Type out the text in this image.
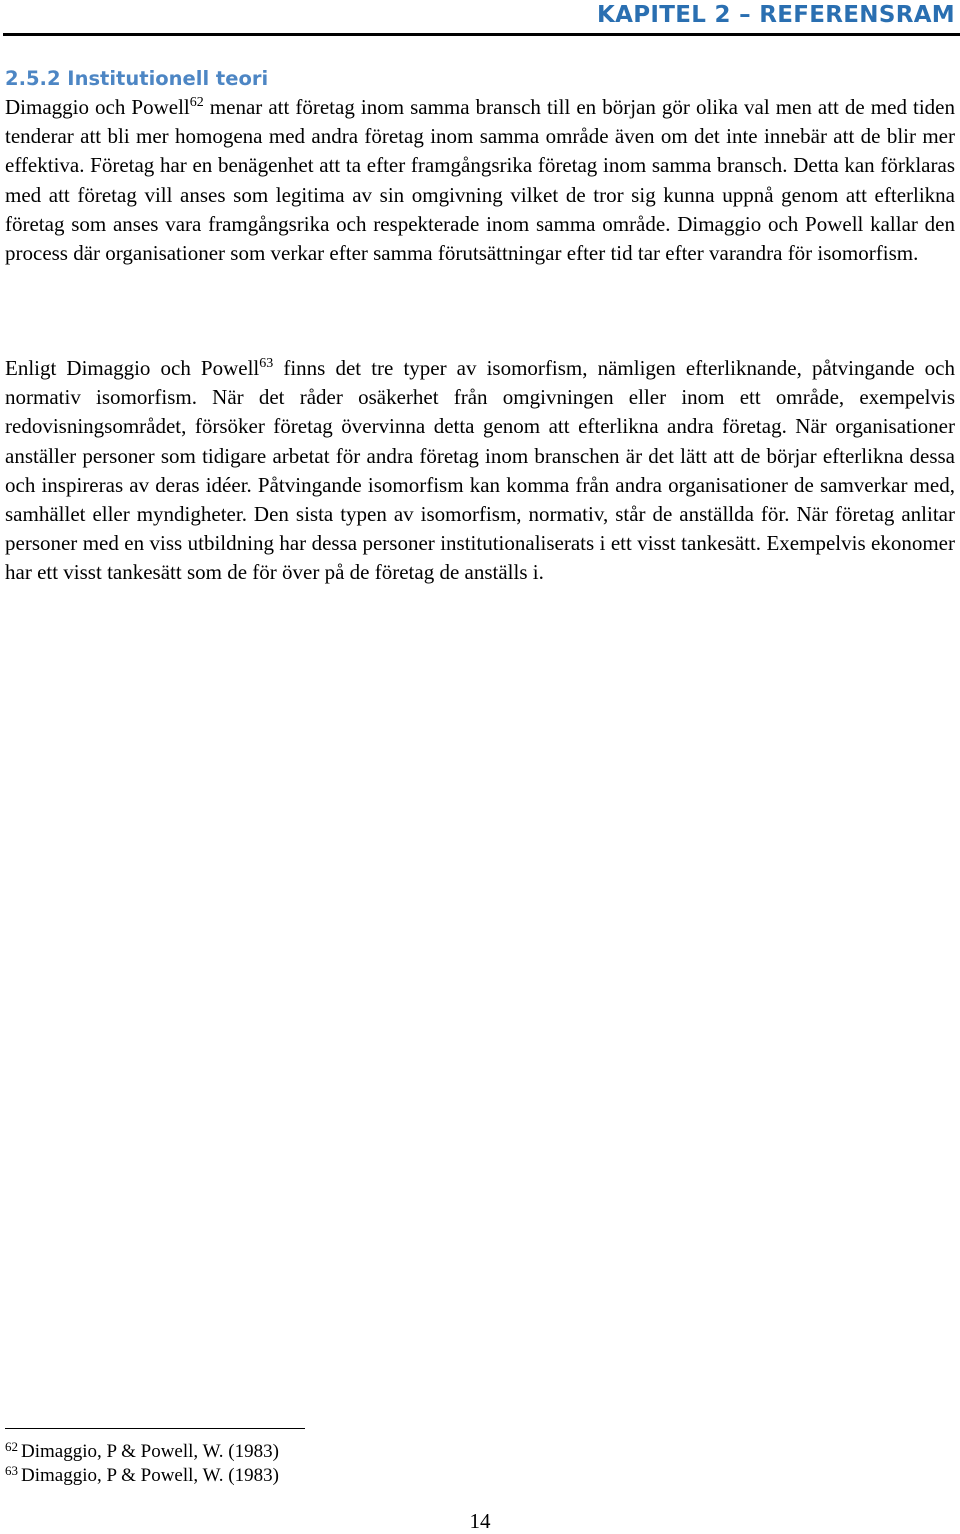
KAPITEL 2 – REFERENSRAM
2.5.2 Institutionell teori

Dimaggio och Powell$^{62}$ menar att företag inom samma bransch till en början gör olika val men att de med tiden tenderar att bli mer homogena med andra företag inom samma område även om det inte innebär att de blir mer effektiva. Företag har en benägenhet att ta efter framgångsrika företag inom samma bransch. Detta kan förklaras med att företag vill anses som legitima av sin omgivning vilket de tror sig kunna uppnå genom att efterlikna företag som anses vara framgångsrika och respekterade inom samma område. Dimaggio och Powell kallar den process där organisationer som verkar efter samma förutsättningar efter tid tar efter varandra för isomorfism.

Enligt Dimaggio och Powell$^{63}$ finns det tre typer av isomorfism, nämligen efterliknande, påtvingande och normativ isomorfism. När det råder osäkerhet från omgivningen eller inom ett område, exempelvis redovisningsområdet, försöker företag övervinna detta genom att efterlikna andra företag. När organisationer anställer personer som tidigare arbetat för andra företag inom branschen är det lätt att de börjar efterlikna dessa och inspireras av deras idéer. Påtvingande isomorfism kan komma från andra organisationer de samverkar med, samhället eller myndigheter. Den sista typen av isomorfism, normativ, står de anställda för. När företag anlitar personer med en viss utbildning har dessa personer institutionaliserats i ett visst tankesätt. Exempelvis ekonomer har ett visst tankesätt som de för över på de företag de anställs i.

$^{62}$ Dimaggio, P & Powell, W. (1983)
$^{63}$ Dimaggio, P & Powell, W. (1983)
14
